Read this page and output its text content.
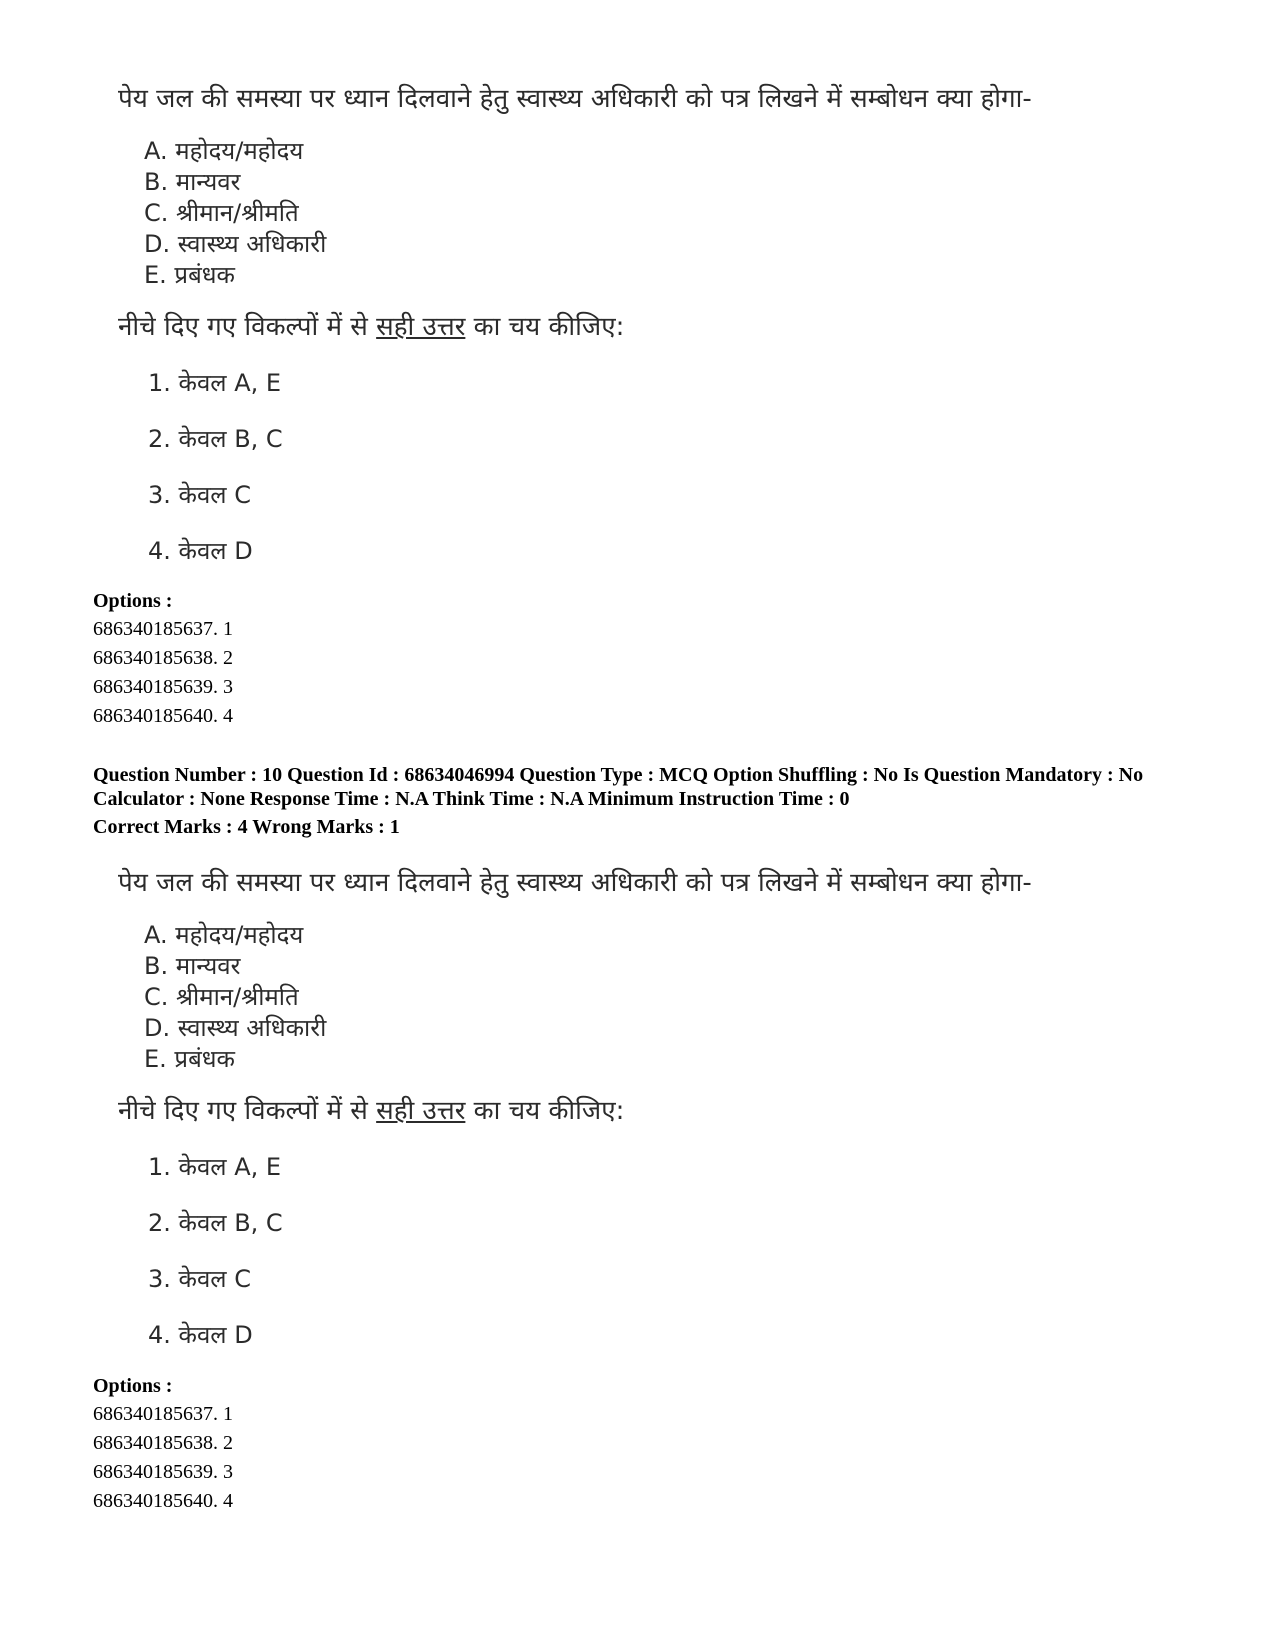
पेय जल की समस्या पर ध्यान दिलवाने हेतु स्वास्थ्य अधिकारी को पत्र लिखने में सम्बोधन क्या होगा-
A. महोदय/महोदय
B. मान्यवर
C. श्रीमान/श्रीमति
D. स्वास्थ्य अधिकारी
E. प्रबंधक
नीचे दिए गए विकल्पों में से सही उत्तर का चय कीजिए:
1. केवल A, E
2. केवल B, C
3. केवल C
4. केवल D
Options :
686340185637. 1
686340185638. 2
686340185639. 3
686340185640. 4
Question Number : 10 Question Id : 68634046994 Question Type : MCQ Option Shuffling : No Is Question Mandatory : No Calculator : None Response Time : N.A Think Time : N.A Minimum Instruction Time : 0
Correct Marks : 4 Wrong Marks : 1
पेय जल की समस्या पर ध्यान दिलवाने हेतु स्वास्थ्य अधिकारी को पत्र लिखने में सम्बोधन क्या होगा-
A. महोदय/महोदय
B. मान्यवर
C. श्रीमान/श्रीमति
D. स्वास्थ्य अधिकारी
E. प्रबंधक
नीचे दिए गए विकल्पों में से सही उत्तर का चय कीजिए:
1. केवल A, E
2. केवल B, C
3. केवल C
4. केवल D
Options :
686340185637. 1
686340185638. 2
686340185639. 3
686340185640. 4
